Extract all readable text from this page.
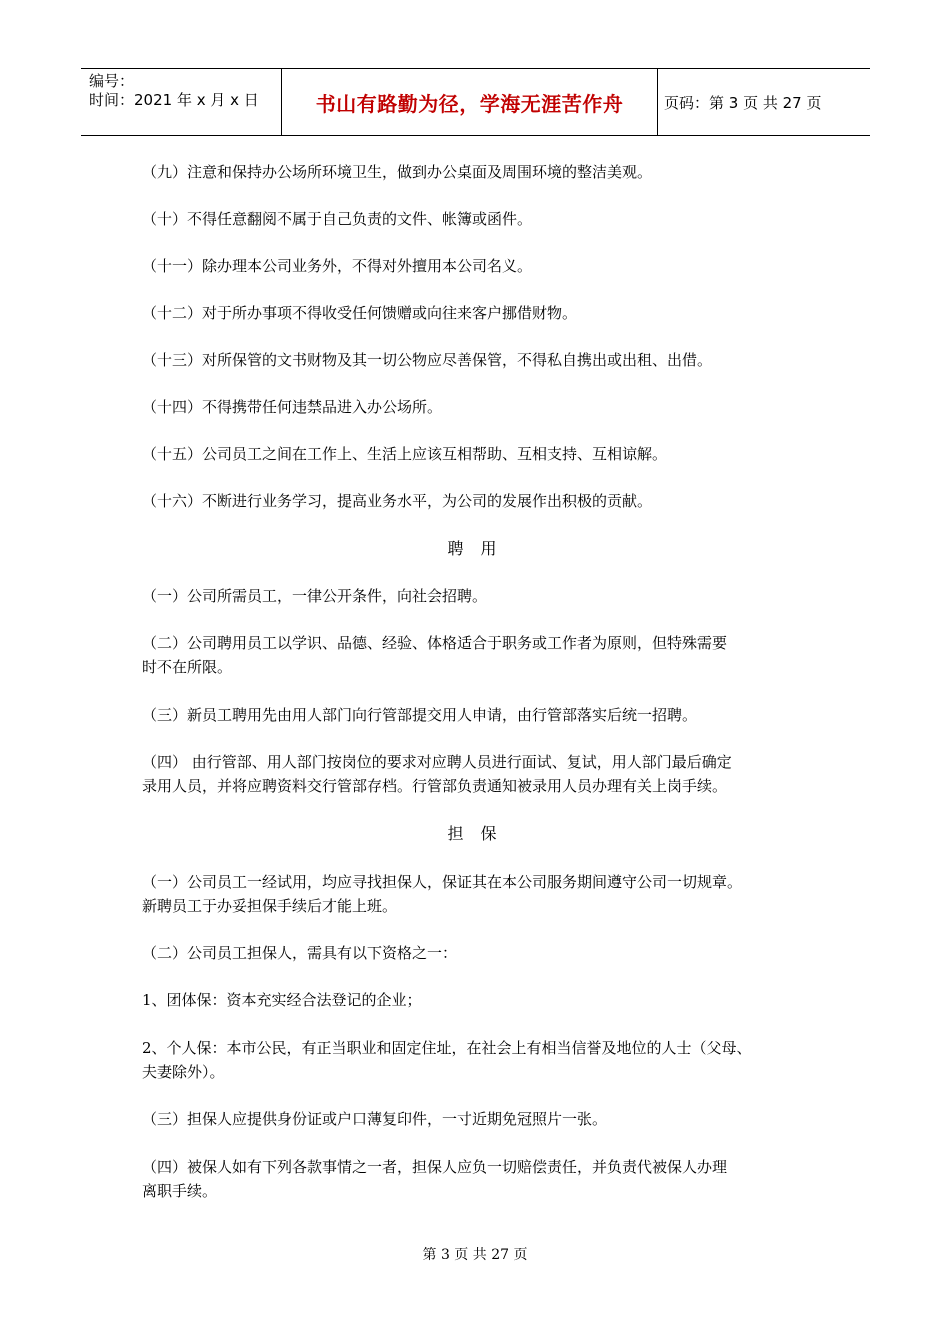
编号：
时间：2021 年 x 月 x 日	书山有路勤为径，学海无涯苦作舟	页码：第 3 页 共 27 页
（九）注意和保持办公场所环境卫生，做到办公桌面及周围环境的整洁美观。
（十）不得任意翻阅不属于自己负责的文件、帐簿或函件。
（十一）除办理本公司业务外，不得对外擅用本公司名义。
（十二）对于所办事项不得收受任何馈赠或向往来客户挪借财物。
（十三）对所保管的文书财物及其一切公物应尽善保管，不得私自携出或出租、出借。
（十四）不得携带任何违禁品进入办公场所。
（十五）公司员工之间在工作上、生活上应该互相帮助、互相支持、互相谅解。
（十六）不断进行业务学习，提高业务水平，为公司的发展作出积极的贡献。
聘 用
（一）公司所需员工，一律公开条件，向社会招聘。
（二）公司聘用员工以学识、品德、经验、体格适合于职务或工作者为原则，但特殊需要
时不在所限。
（三）新员工聘用先由用人部门向行管部提交用人申请，由行管部落实后统一招聘。
（四） 由行管部、用人部门按岗位的要求对应聘人员进行面试、复试，用人部门最后确定
录用人员，并将应聘资料交行管部存档。行管部负责通知被录用人员办理有关上岗手续。
担 保
（一）公司员工一经试用，均应寻找担保人，保证其在本公司服务期间遵守公司一切规章。
新聘员工于办妥担保手续后才能上班。
（二）公司员工担保人，需具有以下资格之一：
1、团体保：资本充实经合法登记的企业；
2、个人保：本市公民，有正当职业和固定住址，在社会上有相当信誉及地位的人士（父母、
夫妻除外）。
（三）担保人应提供身份证或户口薄复印件，一寸近期免冠照片一张。
（四）被保人如有下列各款事情之一者，担保人应负一切赔偿责任，并负责代被保人办理
离职手续。
第 3 页 共 27 页
